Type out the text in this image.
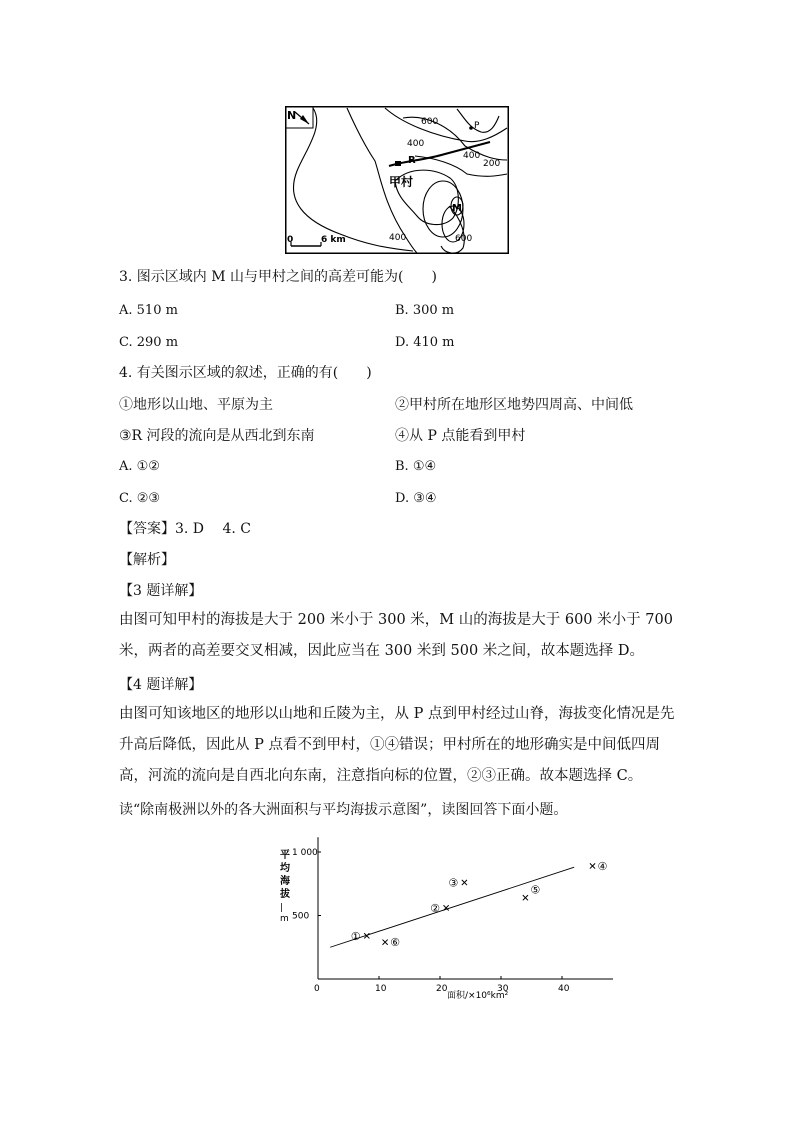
N	600
400
400
200
600
400
P
R
甲村
M
0	6 km
3. 图示区域内 M 山与甲村之间的高差可能为(　　)
A. 510 m	B. 300 m
C. 290 m	D. 410 m
4. 有关图示区域的叙述，正确的有(　　)
①地形以山地、平原为主	②甲村所在地形区地势四周高、中间低
③R 河段的流向是从西北到东南	④从 P 点能看到甲村
A. ①②	B. ①④
C. ②③	D. ③④
【答案】3. D　 4. C
【解析】
【3 题详解】
由图可知甲村的海拔是大于 200 米小于 300 米，M 山的海拔是大于 600 米小于 700 米，两者的高差要交叉相减，因此应当在 300 米到 500 米之间，故本题选择 D。
【4 题详解】
由图可知该地区的地形以山地和丘陵为主，从 P 点到甲村经过山脊，海拔变化情况是先升高后降低，因此从 P 点看不到甲村，①④错误；甲村所在的地形确实是中间低四周高，河流的流向是自西北向东南，注意指向标的位置，②③正确。故本题选择 C。
读“除南极洲以外的各大洲面积与平均海拔示意图”，读图回答下面小题。
面积/×10⁶km²
0	10	20	30	40
500
1 000
平
均
海
拔
|
m
①	⑥
②
③
⑤
④
